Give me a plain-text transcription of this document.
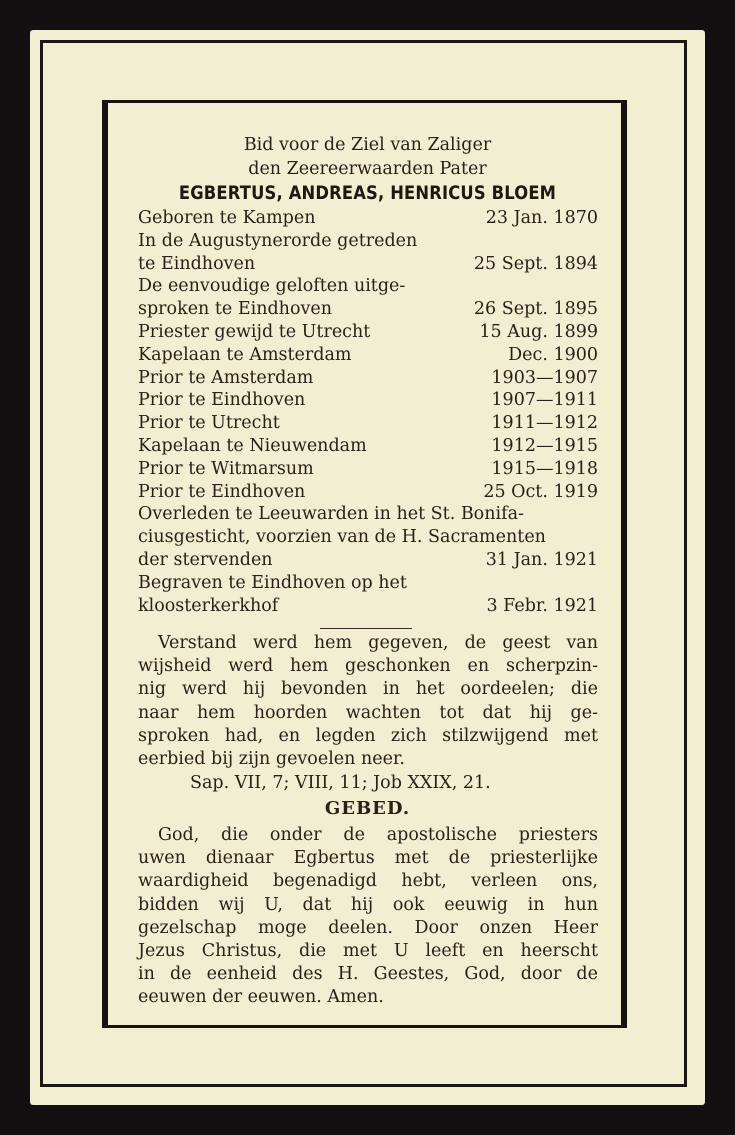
Bid voor de Ziel van Zaliger
den Zeereerwaarden Pater
EGBERTUS, ANDREAS, HENRICUS BLOEM
Geboren te Kampen	23 Jan. 1870
In de Augustynerorde getreden
te Eindhoven	25 Sept. 1894
De eenvoudige geloften uitge-
sproken te Eindhoven	26 Sept. 1895
Priester gewijd te Utrecht	15 Aug. 1899
Kapelaan te Amsterdam	Dec. 1900
Prior te Amsterdam	1903—1907
Prior te Eindhoven	1907—1911
Prior te Utrecht	1911—1912
Kapelaan te Nieuwendam	1912—1915
Prior te Witmarsum	1915—1918
Prior te Eindhoven	25 Oct. 1919
Overleden te Leeuwarden in het St. Bonifa-
ciusgesticht, voorzien van de H. Sacramenten
der stervenden	31 Jan. 1921
Begraven te Eindhoven op het
kloosterkerkhof	3 Febr. 1921
Verstand werd hem gegeven, de geest van
wijsheid werd hem geschonken en scherpzin-
nig werd hij bevonden in het oordeelen; die
naar hem hoorden wachten tot dat hij ge-
sproken had, en legden zich stilzwijgend met
eerbied bij zijn gevoelen neer.
Sap. VII, 7; VIII, 11; Job XXIX, 21.
GEBED.
God, die onder de apostolische priesters
uwen dienaar Egbertus met de priesterlijke
waardigheid begenadigd hebt, verleen ons,
bidden wij U, dat hij ook eeuwig in hun
gezelschap moge deelen. Door onzen Heer
Jezus Christus, die met U leeft en heerscht
in de eenheid des H. Geestes, God, door de
eeuwen der eeuwen. Amen.
